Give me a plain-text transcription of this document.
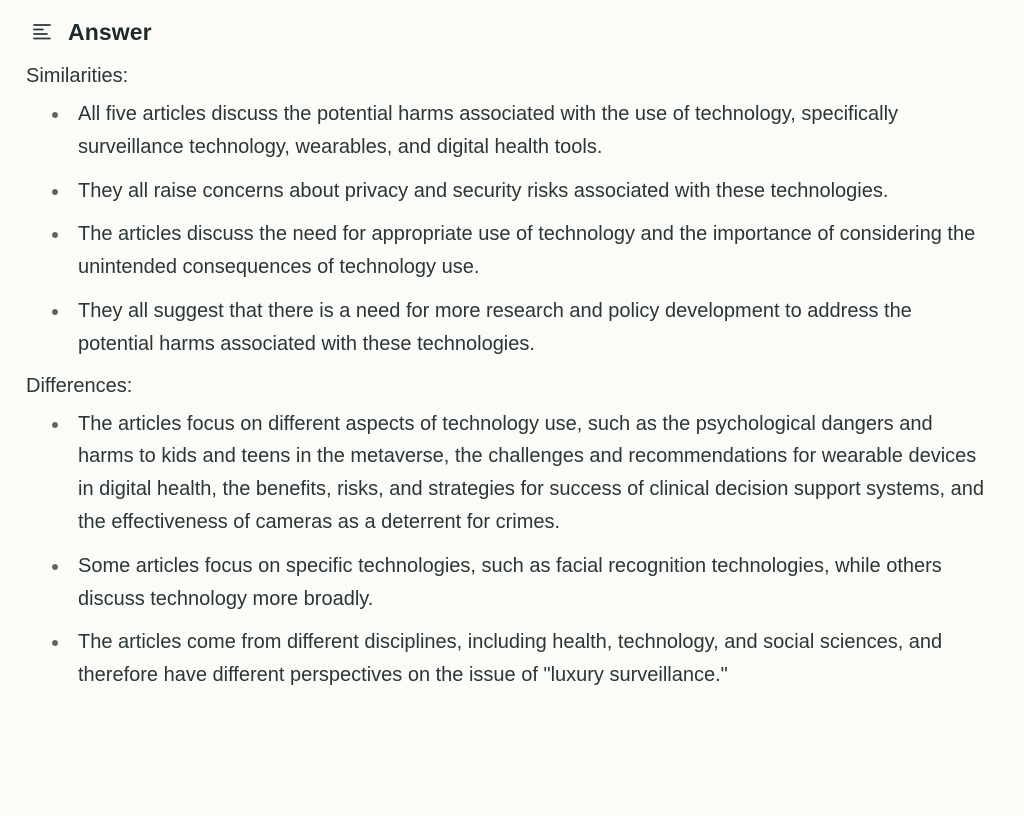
Answer

Similarities:

All five articles discuss the potential harms associated with the use of technology, specifically surveillance technology, wearables, and digital health tools.
They all raise concerns about privacy and security risks associated with these technologies.
The articles discuss the need for appropriate use of technology and the importance of considering the unintended consequences of technology use.
They all suggest that there is a need for more research and policy development to address the potential harms associated with these technologies.

Differences:

The articles focus on different aspects of technology use, such as the psychological dangers and harms to kids and teens in the metaverse, the challenges and recommendations for wearable devices in digital health, the benefits, risks, and strategies for success of clinical decision support systems, and the effectiveness of cameras as a deterrent for crimes.
Some articles focus on specific technologies, such as facial recognition technologies, while others discuss technology more broadly.
The articles come from different disciplines, including health, technology, and social sciences, and therefore have different perspectives on the issue of "luxury surveillance."
